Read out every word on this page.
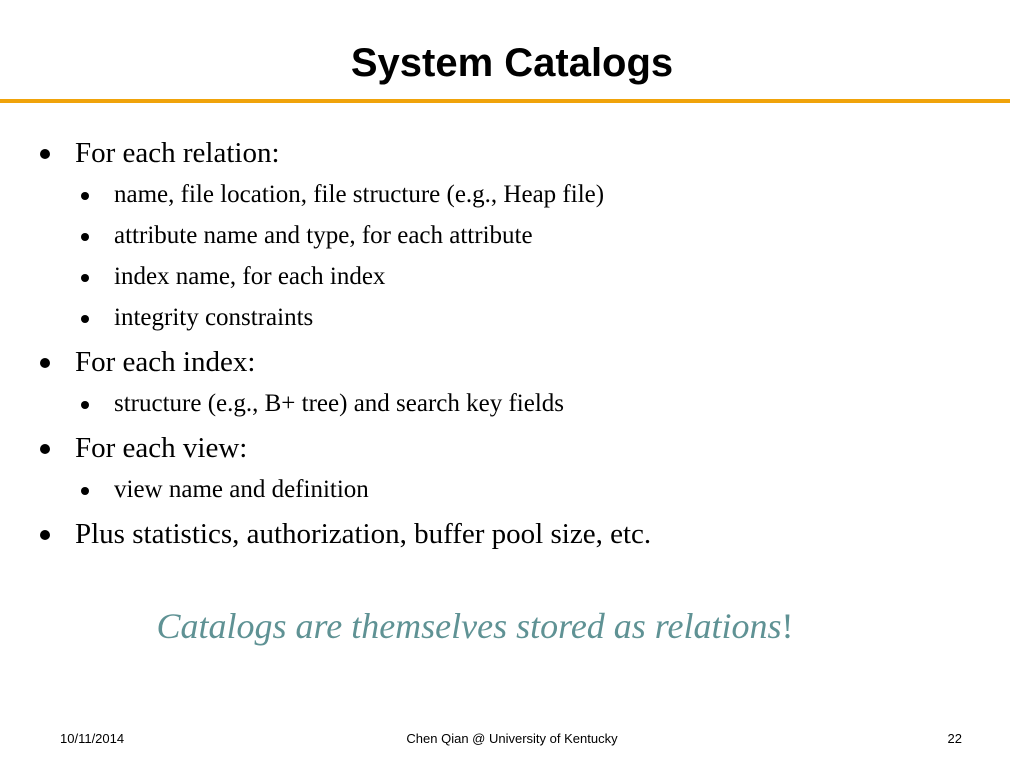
System Catalogs
For each relation:
name, file location, file structure (e.g., Heap file)
attribute name and type, for each attribute
index name, for each index
integrity constraints
For each index:
structure (e.g., B+ tree) and search key fields
For each view:
view name and definition
Plus statistics, authorization, buffer pool size, etc.
Catalogs are themselves stored as relations!
10/11/2014	Chen Qian @ University of Kentucky	22
